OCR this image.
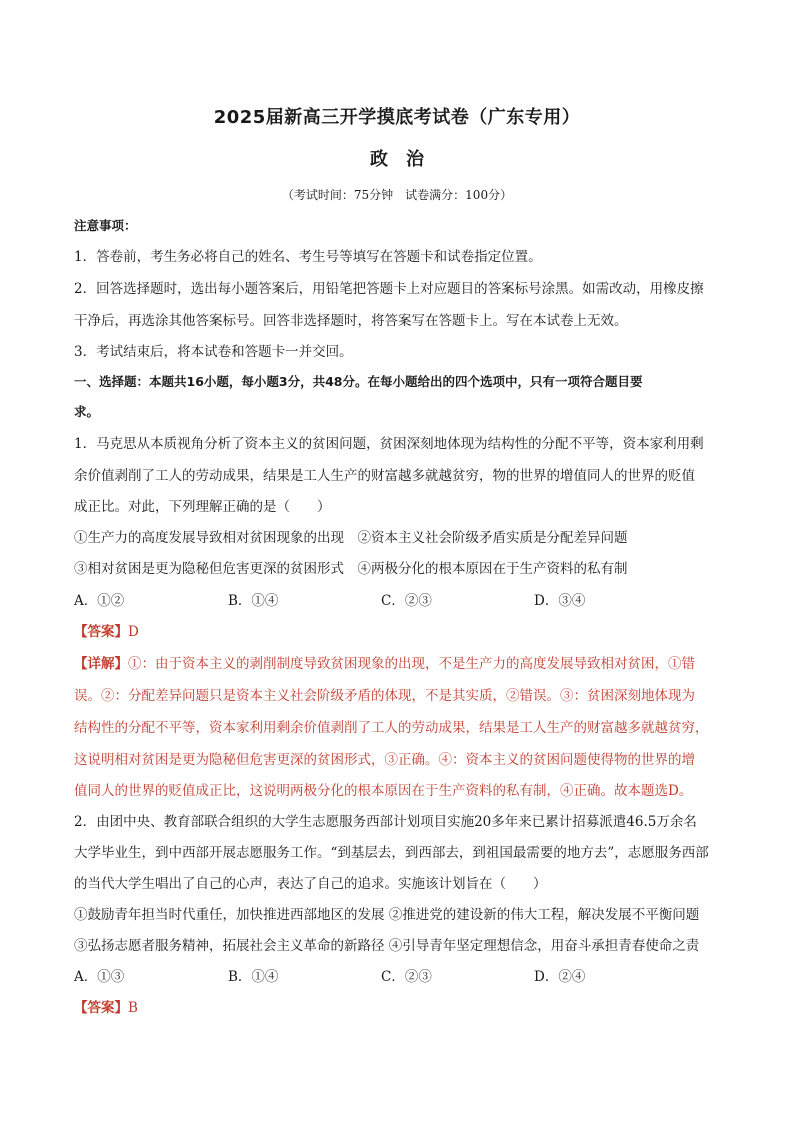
2025届新高三开学摸底考试卷（广东专用）
政　治
（考试时间：75分钟　试卷满分：100分）
注意事项：
1．答卷前，考生务必将自己的姓名、考生号等填写在答题卡和试卷指定位置。
2．回答选择题时，选出每小题答案后，用铅笔把答题卡上对应题目的答案标号涂黑。如需改动，用橡皮擦
干净后，再选涂其他答案标号。回答非选择题时，将答案写在答题卡上。写在本试卷上无效。
3．考试结束后，将本试卷和答题卡一并交回。
一、选择题：本题共16小题，每小题3分，共48分。在每小题给出的四个选项中，只有一项符合题目要
求。
1．马克思从本质视角分析了资本主义的贫困问题，贫困深刻地体现为结构性的分配不平等，资本家利用剩
余价值剥削了工人的劳动成果，结果是工人生产的财富越多就越贫穷，物的世界的增值同人的世界的贬值
成正比。对此，下列理解正确的是（　　）
①生产力的高度发展导致相对贫困现象的出现　②资本主义社会阶级矛盾实质是分配差异问题
③相对贫困是更为隐秘但危害更深的贫困形式　④两极分化的根本原因在于生产资料的私有制
A．①②	B．①④	C．②③	D．③④
【答案】D
【详解】①：由于资本主义的剥削制度导致贫困现象的出现，不是生产力的高度发展导致相对贫困，①错
误。②：分配差异问题只是资本主义社会阶级矛盾的体现，不是其实质，②错误。③：贫困深刻地体现为
结构性的分配不平等，资本家利用剩余价值剥削了工人的劳动成果，结果是工人生产的财富越多就越贫穷，
这说明相对贫困是更为隐秘但危害更深的贫困形式，③正确。④：资本主义的贫困问题使得物的世界的增
值同人的世界的贬值成正比，这说明两极分化的根本原因在于生产资料的私有制，④正确。故本题选D。
2．由团中央、教育部联合组织的大学生志愿服务西部计划项目实施20多年来已累计招募派遣46.5万余名
大学毕业生，到中西部开展志愿服务工作。“到基层去，到西部去，到祖国最需要的地方去”，志愿服务西部
的当代大学生唱出了自己的心声，表达了自己的追求。实施该计划旨在（　　）
①鼓励青年担当时代重任，加快推进西部地区的发展 ②推进党的建设新的伟大工程，解决发展不平衡问题
③弘扬志愿者服务精神，拓展社会主义革命的新路径 ④引导青年坚定理想信念，用奋斗承担青春使命之责
A．①③	B．①④	C．②③	D．②④
【答案】B
